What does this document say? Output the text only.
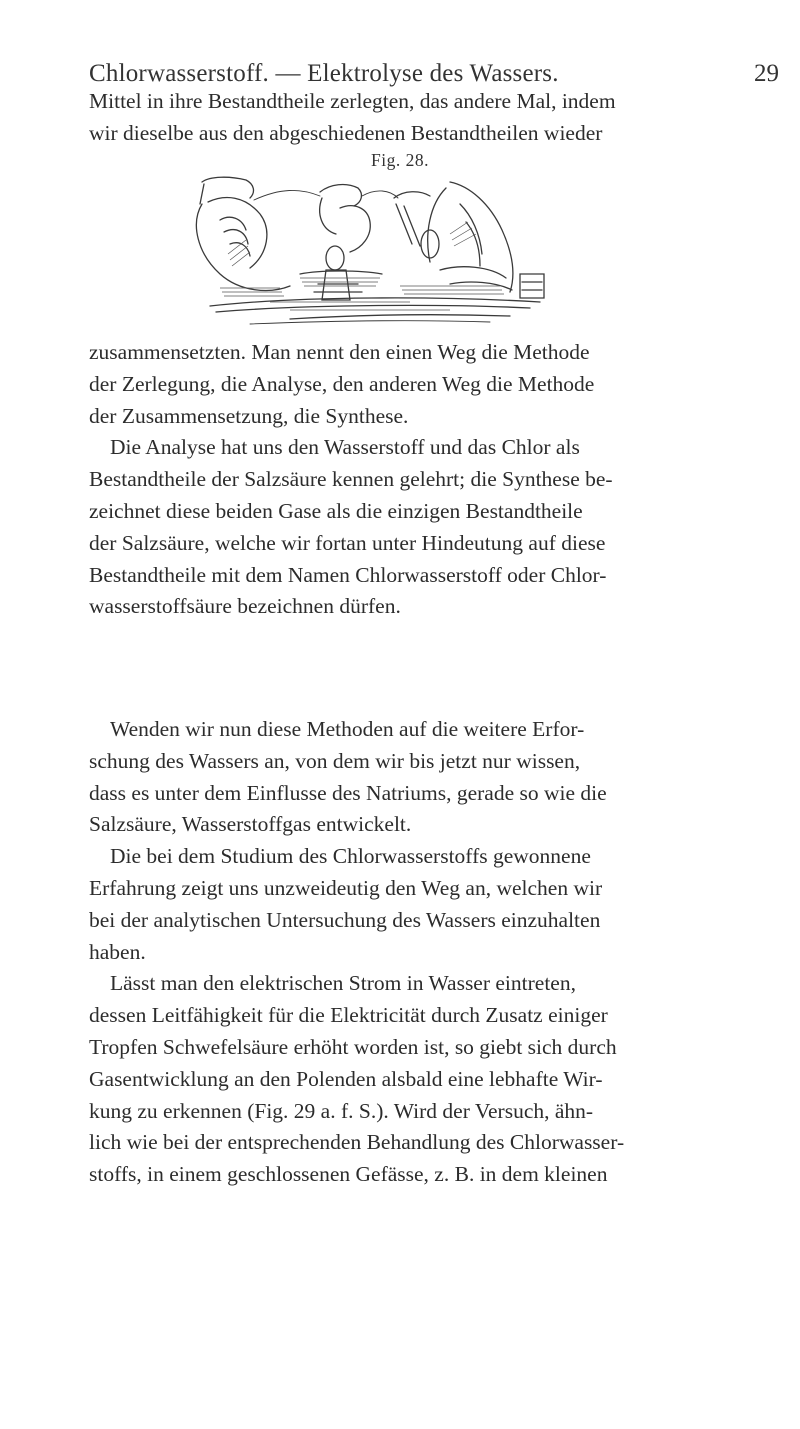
Chlorwasserstoff. — Elektrolyse des Wassers.	29
Mittel in ihre Bestandtheile zerlegten, das andere Mal, indem
wir dieselbe aus den abgeschiedenen Bestandtheilen wieder
Fig. 28.
zusammensetzten. Man nennt den einen Weg die Methode
der Zerlegung, die Analyse, den anderen Weg die Methode
der Zusammensetzung, die Synthese.
Die Analyse hat uns den Wasserstoff und das Chlor als
Bestandtheile der Salzsäure kennen gelehrt; die Synthese be-
zeichnet diese beiden Gase als die einzigen Bestandtheile
der Salzsäure, welche wir fortan unter Hindeutung auf diese
Bestandtheile mit dem Namen Chlorwasserstoff oder Chlor-
wasserstoffsäure bezeichnen dürfen.
Wenden wir nun diese Methoden auf die weitere Erfor-
schung des Wassers an, von dem wir bis jetzt nur wissen,
dass es unter dem Einflusse des Natriums, gerade so wie die
Salzsäure, Wasserstoffgas entwickelt.
Die bei dem Studium des Chlorwasserstoffs gewonnene
Erfahrung zeigt uns unzweideutig den Weg an, welchen wir
bei der analytischen Untersuchung des Wassers einzuhalten
haben.
Lässt man den elektrischen Strom in Wasser eintreten,
dessen Leitfähigkeit für die Elektricität durch Zusatz einiger
Tropfen Schwefelsäure erhöht worden ist, so giebt sich durch
Gasentwicklung an den Polenden alsbald eine lebhafte Wir-
kung zu erkennen (Fig. 29 a. f. S.). Wird der Versuch, ähn-
lich wie bei der entsprechenden Behandlung des Chlorwasser-
stoffs, in einem geschlossenen Gefässe, z. B. in dem kleinen
